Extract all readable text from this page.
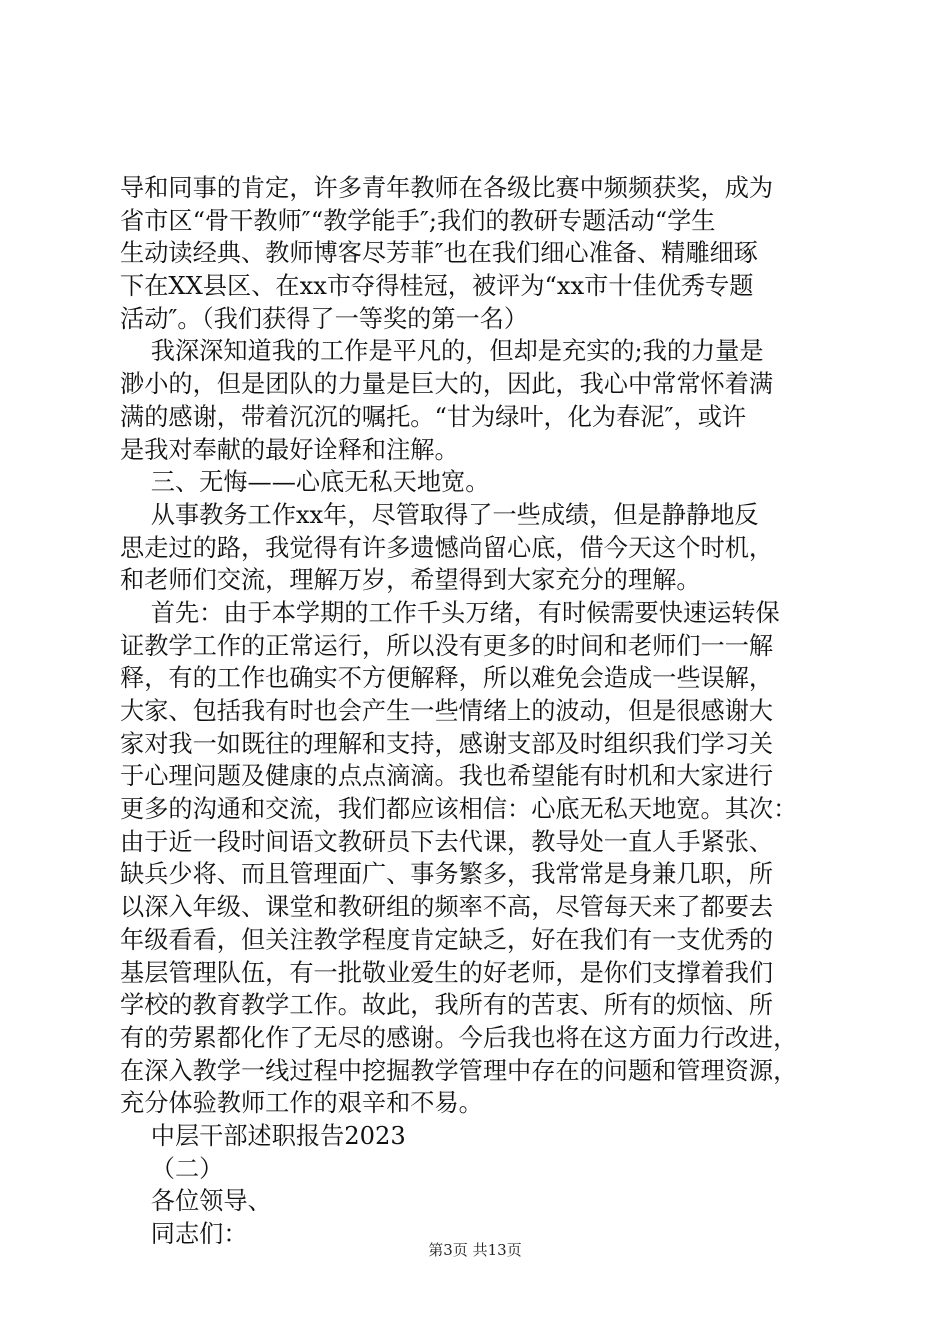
导和同事的肯定，许多青年教师在各级比赛中频频获奖，成为
省市区“骨干教师″“教学能手″;我们的教研专题活动“学生
生动读经典、教师博客尽芳菲″也在我们细心准备、精雕细琢
下在XX县区、在xx市夺得桂冠，被评为“xx市十佳优秀专题
活动″。（我们获得了一等奖的第一名）
我深深知道我的工作是平凡的，但却是充实的;我的力量是
渺小的，但是团队的力量是巨大的，因此，我心中常常怀着满
满的感谢，带着沉沉的嘱托。“甘为绿叶，化为春泥″，或许
是我对奉献的最好诠释和注解。
三、无悔——心底无私天地宽。
从事教务工作xx年，尽管取得了一些成绩，但是静静地反
思走过的路，我觉得有许多遗憾尚留心底，借今天这个时机，
和老师们交流，理解万岁，希望得到大家充分的理解。
首先：由于本学期的工作千头万绪，有时候需要快速运转保
证教学工作的正常运行，所以没有更多的时间和老师们一一解
释，有的工作也确实不方便解释，所以难免会造成一些误解，
大家、包括我有时也会产生一些情绪上的波动，但是很感谢大
家对我一如既往的理解和支持，感谢支部及时组织我们学习关
于心理问题及健康的点点滴滴。我也希望能有时机和大家进行
更多的沟通和交流，我们都应该相信：心底无私天地宽。其次：
由于近一段时间语文教研员下去代课，教导处一直人手紧张、
缺兵少将、而且管理面广、事务繁多，我常常是身兼几职，所
以深入年级、课堂和教研组的频率不高，尽管每天来了都要去
年级看看，但关注教学程度肯定缺乏，好在我们有一支优秀的
基层管理队伍，有一批敬业爱生的好老师，是你们支撑着我们
学校的教育教学工作。故此，我所有的苦衷、所有的烦恼、所
有的劳累都化作了无尽的感谢。今后我也将在这方面力行改进，
在深入教学一线过程中挖掘教学管理中存在的问题和管理资源，
充分体验教师工作的艰辛和不易。
中层干部述职报告2023
（二）
各位领导、
同志们：
第3页 共13页
